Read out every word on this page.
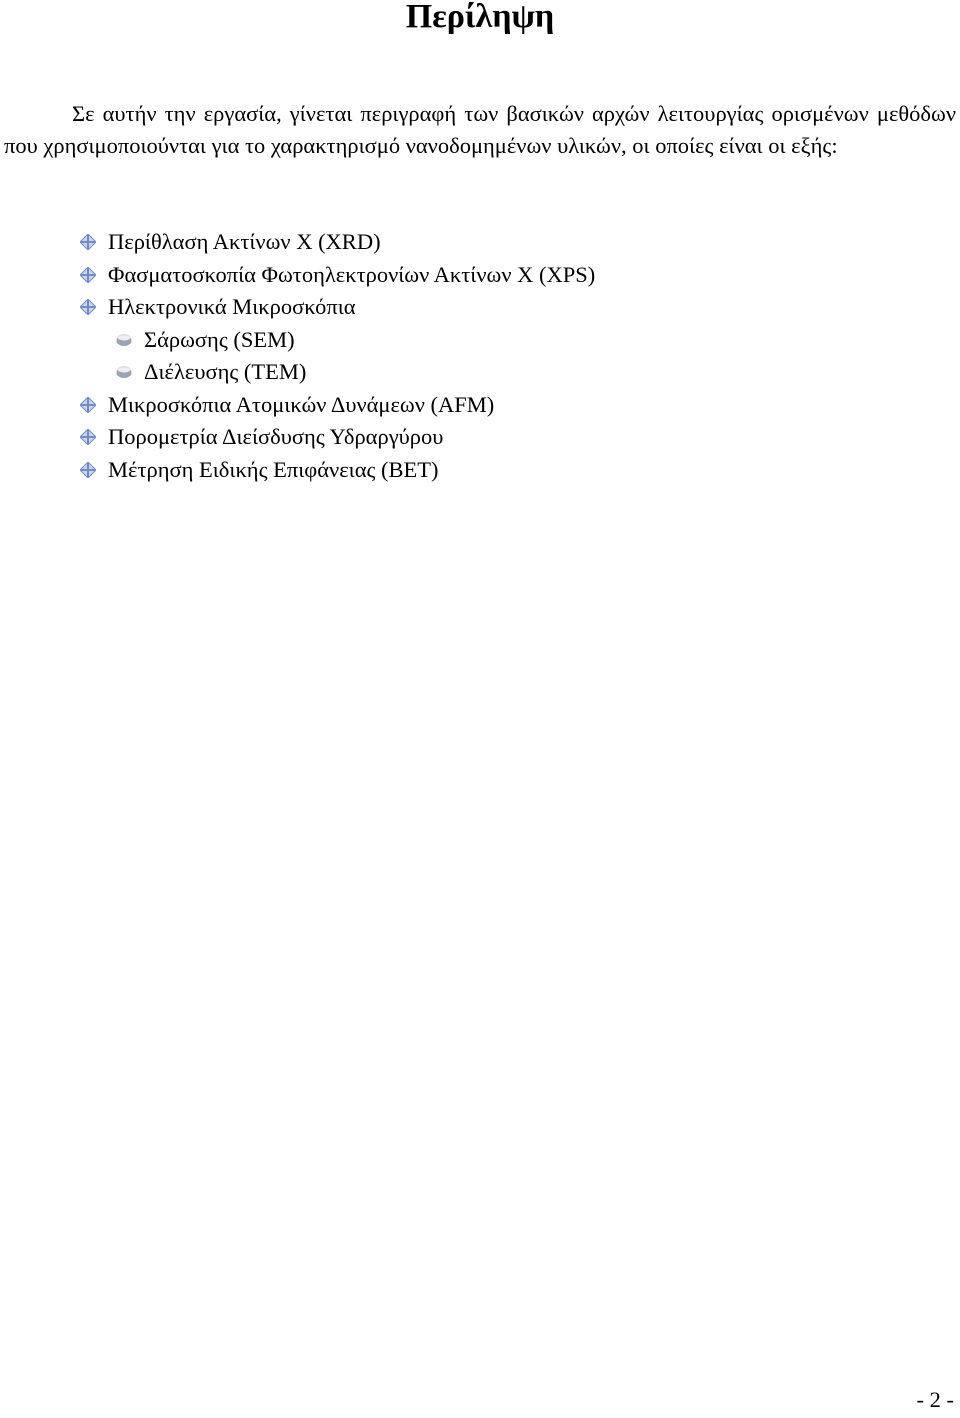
Περίληψη

Σε αυτήν την εργασία, γίνεται περιγραφή των βασικών αρχών λειτουργίας ορισμένων μεθόδων που χρησιμοποιούνται για το χαρακτηρισμό νανοδομημένων υλικών, οι οποίες είναι οι εξής:

Περίθλαση Ακτίνων Χ (XRD)
Φασματοσκοπία Φωτοηλεκτρονίων Ακτίνων Χ (XPS)
Ηλεκτρονικά Μικροσκόπια
Σάρωσης (SEM)
Διέλευσης (TEM)
Μικροσκόπια Ατομικών Δυνάμεων (AFM)
Πορομετρία Διείσδυσης Υδραργύρου
Μέτρηση Ειδικής Επιφάνειας (BET)
- 2 -
